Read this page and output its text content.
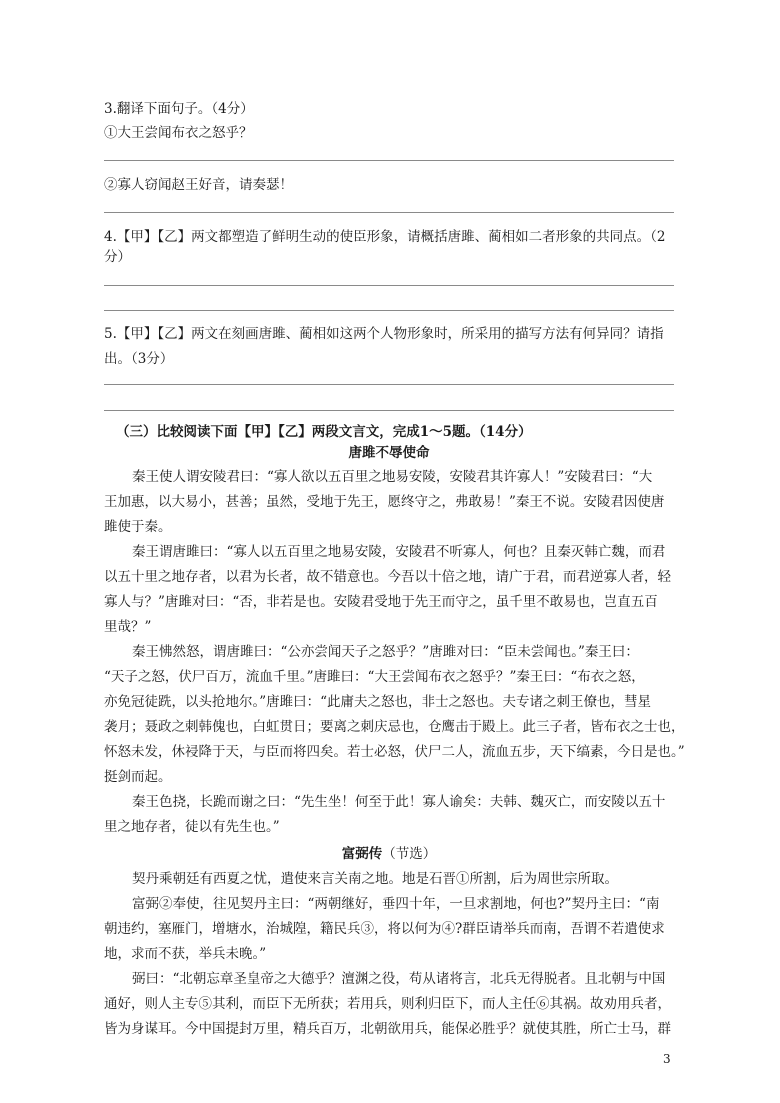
3.翻译下面句子。（4分）
①大王尝闻布衣之怒乎？
②寡人窃闻赵王好音，请奏瑟！
4.【甲】【乙】两文都塑造了鲜明生动的使臣形象，请概括唐雎、蔺相如二者形象的共同点。（2
分）
5.【甲】【乙】两文在刻画唐雎、蔺相如这两个人物形象时，所采用的描写方法有何异同？请指
出。（3分）
（三）比较阅读下面【甲】【乙】两段文言文，完成1～5题。（14分）
唐雎不辱使命
秦王使人谓安陵君曰：“寡人欲以五百里之地易安陵，安陵君其许寡人！”安陵君曰：“大
王加惠，以大易小，甚善；虽然，受地于先王，愿终守之，弗敢易！”秦王不说。安陵君因使唐
雎使于秦。
秦王谓唐雎曰：“寡人以五百里之地易安陵，安陵君不听寡人，何也？且秦灭韩亡魏，而君
以五十里之地存者，以君为长者，故不错意也。今吾以十倍之地，请广于君，而君逆寡人者，轻
寡人与？”唐雎对曰：“否，非若是也。安陵君受地于先王而守之，虽千里不敢易也，岂直五百
里哉？”
秦王怫然怒，谓唐雎曰：“公亦尝闻天子之怒乎？”唐雎对曰：“臣未尝闻也。”秦王曰：
“天子之怒，伏尸百万，流血千里。”唐雎曰：“大王尝闻布衣之怒乎？”秦王曰：“布衣之怒，
亦免冠徒跣，以头抢地尔。”唐雎曰：“此庸夫之怒也，非士之怒也。夫专诸之刺王僚也，彗星
袭月；聂政之刺韩傀也，白虹贯日；要离之刺庆忌也，仓鹰击于殿上。此三子者，皆布衣之士也，
怀怒未发，休祲降于天，与臣而将四矣。若士必怒，伏尸二人，流血五步，天下缟素，今日是也。”
挺剑而起。
秦王色挠，长跪而谢之曰：“先生坐！何至于此！寡人谕矣：夫韩、魏灭亡，而安陵以五十
里之地存者，徒以有先生也。”
富弼传（节选）
契丹乘朝廷有西夏之忧，遣使来言关南之地。地是石晋①所割，后为周世宗所取。
富弼②奉使，往见契丹主曰：“两朝继好，垂四十年，一旦求割地，何也?”契丹主曰：“南
朝违约，塞雁门，增塘水，治城隍，籍民兵③，将以何为④?群臣请举兵而南，吾谓不若遣使求
地，求而不获，举兵未晚。”
弼曰：“北朝忘章圣皇帝之大德乎？澶渊之役，苟从诸将言，北兵无得脱者。且北朝与中国
通好，则人主专⑤其利，而臣下无所获；若用兵，则利归臣下，而人主任⑥其祸。故劝用兵者，
皆为身谋耳。今中国提封万里，精兵百万，北朝欲用兵，能保必胜乎？就使其胜，所亡士马，群
3
